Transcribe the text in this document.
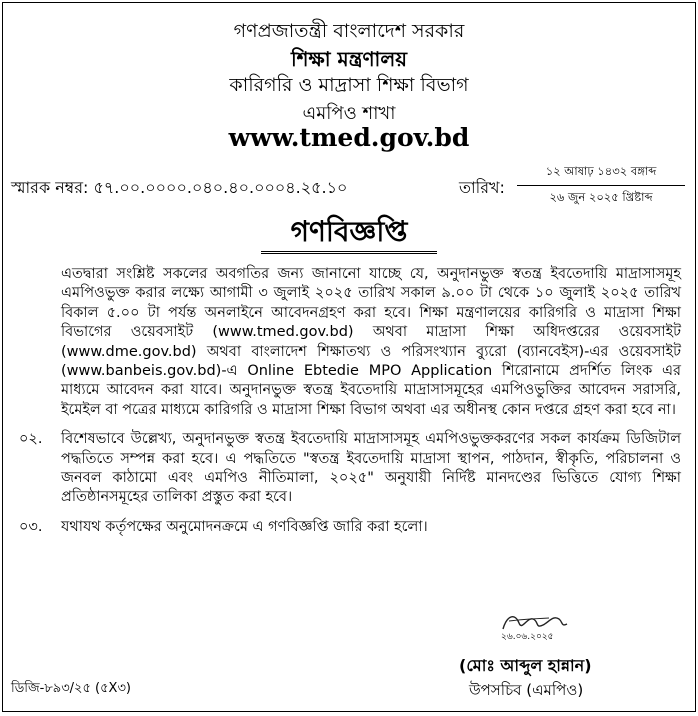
গণপ্রজাতন্ত্রী বাংলাদেশ সরকার
শিক্ষা মন্ত্রণালয়
কারিগরি ও মাদ্রাসা শিক্ষা বিভাগ
এমপিও শাখা
www.tmed.gov.bd
স্মারক নম্বর: ৫৭.০০.০০০০.০৪০.৪০.০০০৪.২৫.১০	তারিখ:
১২ আষাঢ় ১৪৩২ বঙ্গাব্দ
২৬ জুন ২০২৫ খ্রিষ্টাব্দ
গণবিজ্ঞপ্তি
এতদ্বারা সংশ্লিষ্ট সকলের অবগতির জন্য জানানো যাচ্ছে যে, অনুদানভুক্ত স্বতন্ত্র ইবতেদায়ি মাদ্রাসাসমূহ এমপিওভুক্ত করার লক্ষ্যে আগামী ৩ জুলাই ২০২৫ তারিখ সকাল ৯.০০ টা থেকে ১০ জুলাই ২০২৫ তারিখ বিকাল ৫.০০ টা পর্যন্ত অনলাইনে আবেদনগ্রহণ করা হবে। শিক্ষা মন্ত্রণালয়ের কারিগরি ও মাদ্রাসা শিক্ষা বিভাগের ওয়েবসাইট (www.tmed.gov.bd) অথবা মাদ্রাসা শিক্ষা অধিদপ্তরের ওয়েবসাইট (www.dme.gov.bd) অথবা বাংলাদেশ শিক্ষাতথ্য ও পরিসংখ্যান ব্যুরো (ব্যানবেইস)-এর ওয়েবসাইট (www.banbeis.gov.bd)-এ Online Ebtedie MPO Application শিরোনামে প্রদর্শিত লিংক এর মাধ্যমে আবেদন করা যাবে। অনুদানভুক্ত স্বতন্ত্র ইবতেদায়ি মাদ্রাসাসমূহের এমপিওভুক্তির আবেদন সরাসরি, ইমেইল বা পত্রের মাধ্যমে কারিগরি ও মাদ্রাসা শিক্ষা বিভাগ অথবা এর অধীনস্থ কোন দপ্তরে গ্রহণ করা হবে না।
০২.	বিশেষভাবে উল্লেখ্য, অনুদানভুক্ত স্বতন্ত্র ইবতেদায়ি মাদ্রাসাসমূহ এমপিওভুক্তকরণের সকল কার্যক্রম ডিজিটাল পদ্ধতিতে সম্পন্ন করা হবে। এ পদ্ধতিতে "স্বতন্ত্র ইবতেদায়ি মাদ্রাসা স্থাপন, পাঠদান, স্বীকৃতি, পরিচালনা ও জনবল কাঠামো এবং এমপিও নীতিমালা, ২০২৫" অনুযায়ী নির্দিষ্ট মানদণ্ডের ভিত্তিতে যোগ্য শিক্ষা প্রতিষ্ঠানসমূহের তালিকা প্রস্তুত করা হবে।
০৩.	যথাযথ কর্তৃপক্ষের অনুমোদনক্রমে এ গণবিজ্ঞপ্তি জারি করা হলো।
২৬.০৬.২০২৫
(মোঃ আব্দুল হান্নান)
উপসচিব (এমপিও)
ডিজি-৮৯৩/২৫ (৫X৩)
